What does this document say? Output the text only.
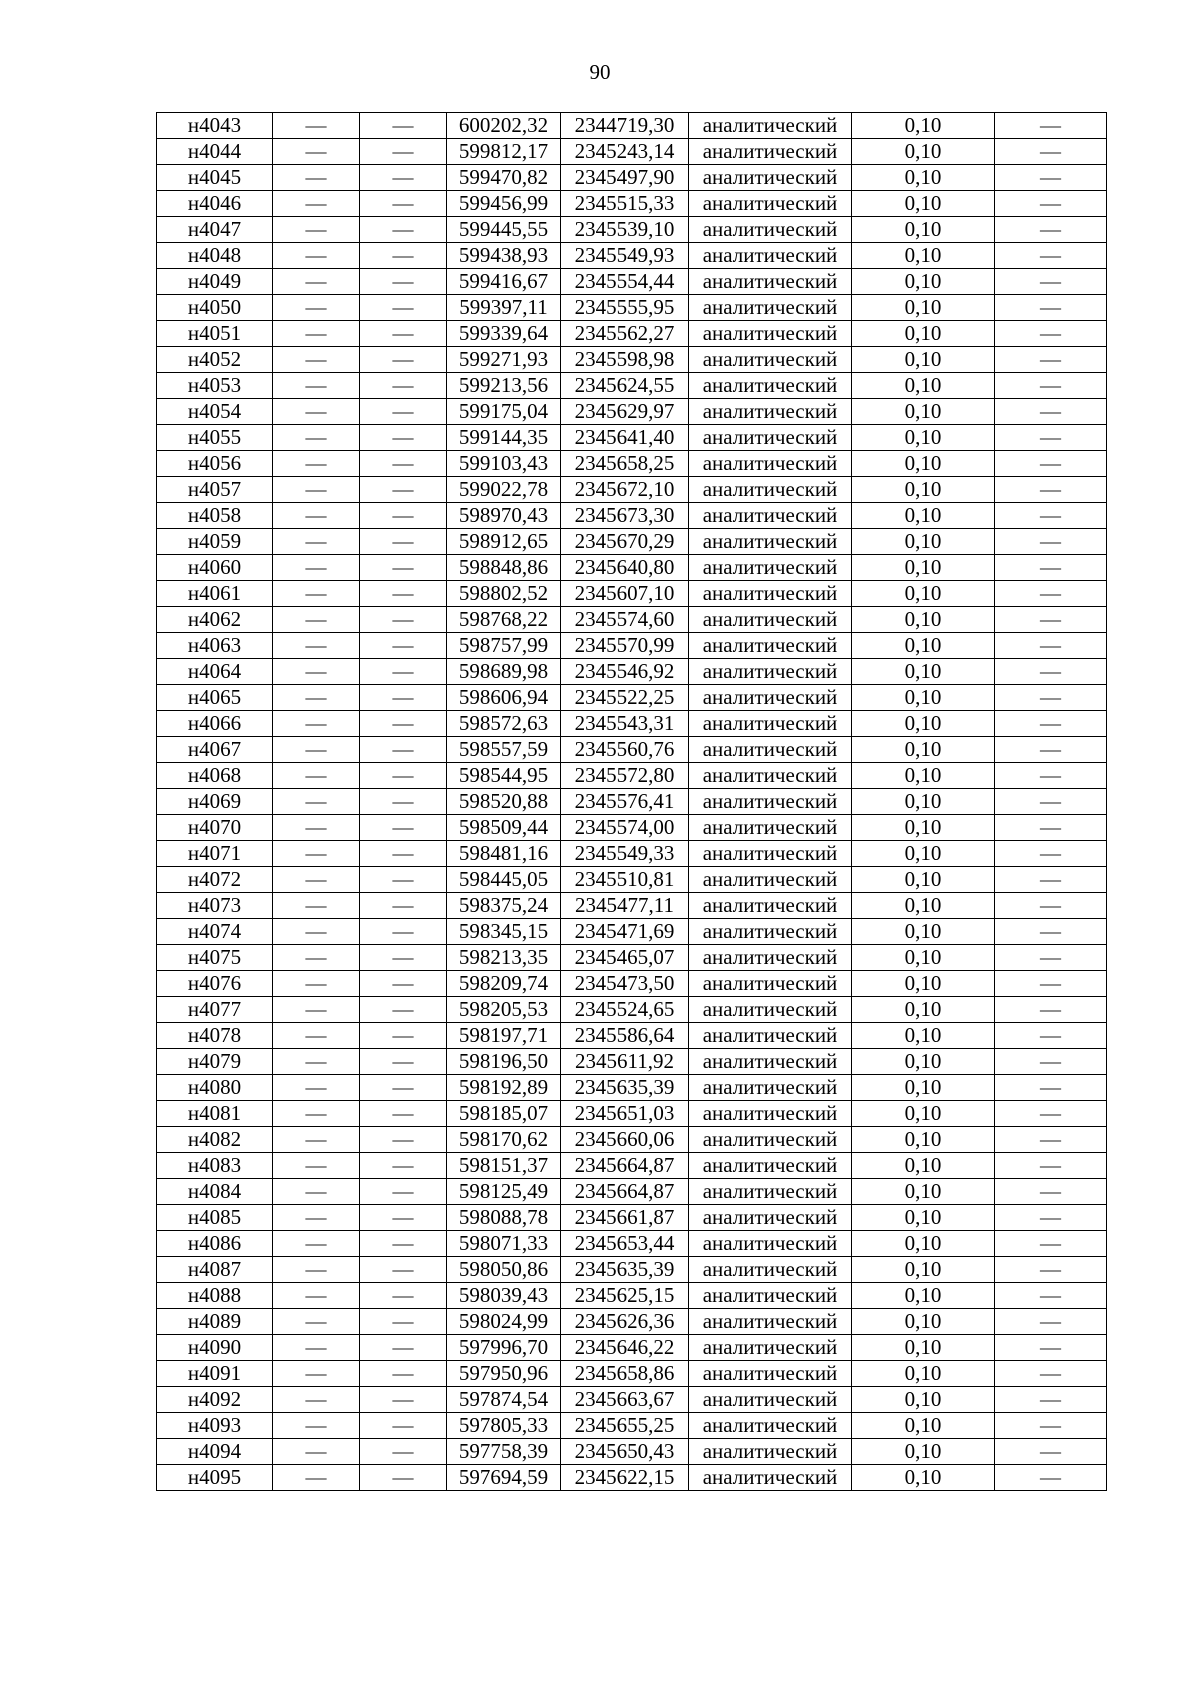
90
н4043	—	—	600202,32	2344719,30	аналитический	0,10	—
н4044	—	—	599812,17	2345243,14	аналитический	0,10	—
н4045	—	—	599470,82	2345497,90	аналитический	0,10	—
н4046	—	—	599456,99	2345515,33	аналитический	0,10	—
н4047	—	—	599445,55	2345539,10	аналитический	0,10	—
н4048	—	—	599438,93	2345549,93	аналитический	0,10	—
н4049	—	—	599416,67	2345554,44	аналитический	0,10	—
н4050	—	—	599397,11	2345555,95	аналитический	0,10	—
н4051	—	—	599339,64	2345562,27	аналитический	0,10	—
н4052	—	—	599271,93	2345598,98	аналитический	0,10	—
н4053	—	—	599213,56	2345624,55	аналитический	0,10	—
н4054	—	—	599175,04	2345629,97	аналитический	0,10	—
н4055	—	—	599144,35	2345641,40	аналитический	0,10	—
н4056	—	—	599103,43	2345658,25	аналитический	0,10	—
н4057	—	—	599022,78	2345672,10	аналитический	0,10	—
н4058	—	—	598970,43	2345673,30	аналитический	0,10	—
н4059	—	—	598912,65	2345670,29	аналитический	0,10	—
н4060	—	—	598848,86	2345640,80	аналитический	0,10	—
н4061	—	—	598802,52	2345607,10	аналитический	0,10	—
н4062	—	—	598768,22	2345574,60	аналитический	0,10	—
н4063	—	—	598757,99	2345570,99	аналитический	0,10	—
н4064	—	—	598689,98	2345546,92	аналитический	0,10	—
н4065	—	—	598606,94	2345522,25	аналитический	0,10	—
н4066	—	—	598572,63	2345543,31	аналитический	0,10	—
н4067	—	—	598557,59	2345560,76	аналитический	0,10	—
н4068	—	—	598544,95	2345572,80	аналитический	0,10	—
н4069	—	—	598520,88	2345576,41	аналитический	0,10	—
н4070	—	—	598509,44	2345574,00	аналитический	0,10	—
н4071	—	—	598481,16	2345549,33	аналитический	0,10	—
н4072	—	—	598445,05	2345510,81	аналитический	0,10	—
н4073	—	—	598375,24	2345477,11	аналитический	0,10	—
н4074	—	—	598345,15	2345471,69	аналитический	0,10	—
н4075	—	—	598213,35	2345465,07	аналитический	0,10	—
н4076	—	—	598209,74	2345473,50	аналитический	0,10	—
н4077	—	—	598205,53	2345524,65	аналитический	0,10	—
н4078	—	—	598197,71	2345586,64	аналитический	0,10	—
н4079	—	—	598196,50	2345611,92	аналитический	0,10	—
н4080	—	—	598192,89	2345635,39	аналитический	0,10	—
н4081	—	—	598185,07	2345651,03	аналитический	0,10	—
н4082	—	—	598170,62	2345660,06	аналитический	0,10	—
н4083	—	—	598151,37	2345664,87	аналитический	0,10	—
н4084	—	—	598125,49	2345664,87	аналитический	0,10	—
н4085	—	—	598088,78	2345661,87	аналитический	0,10	—
н4086	—	—	598071,33	2345653,44	аналитический	0,10	—
н4087	—	—	598050,86	2345635,39	аналитический	0,10	—
н4088	—	—	598039,43	2345625,15	аналитический	0,10	—
н4089	—	—	598024,99	2345626,36	аналитический	0,10	—
н4090	—	—	597996,70	2345646,22	аналитический	0,10	—
н4091	—	—	597950,96	2345658,86	аналитический	0,10	—
н4092	—	—	597874,54	2345663,67	аналитический	0,10	—
н4093	—	—	597805,33	2345655,25	аналитический	0,10	—
н4094	—	—	597758,39	2345650,43	аналитический	0,10	—
н4095	—	—	597694,59	2345622,15	аналитический	0,10	—
